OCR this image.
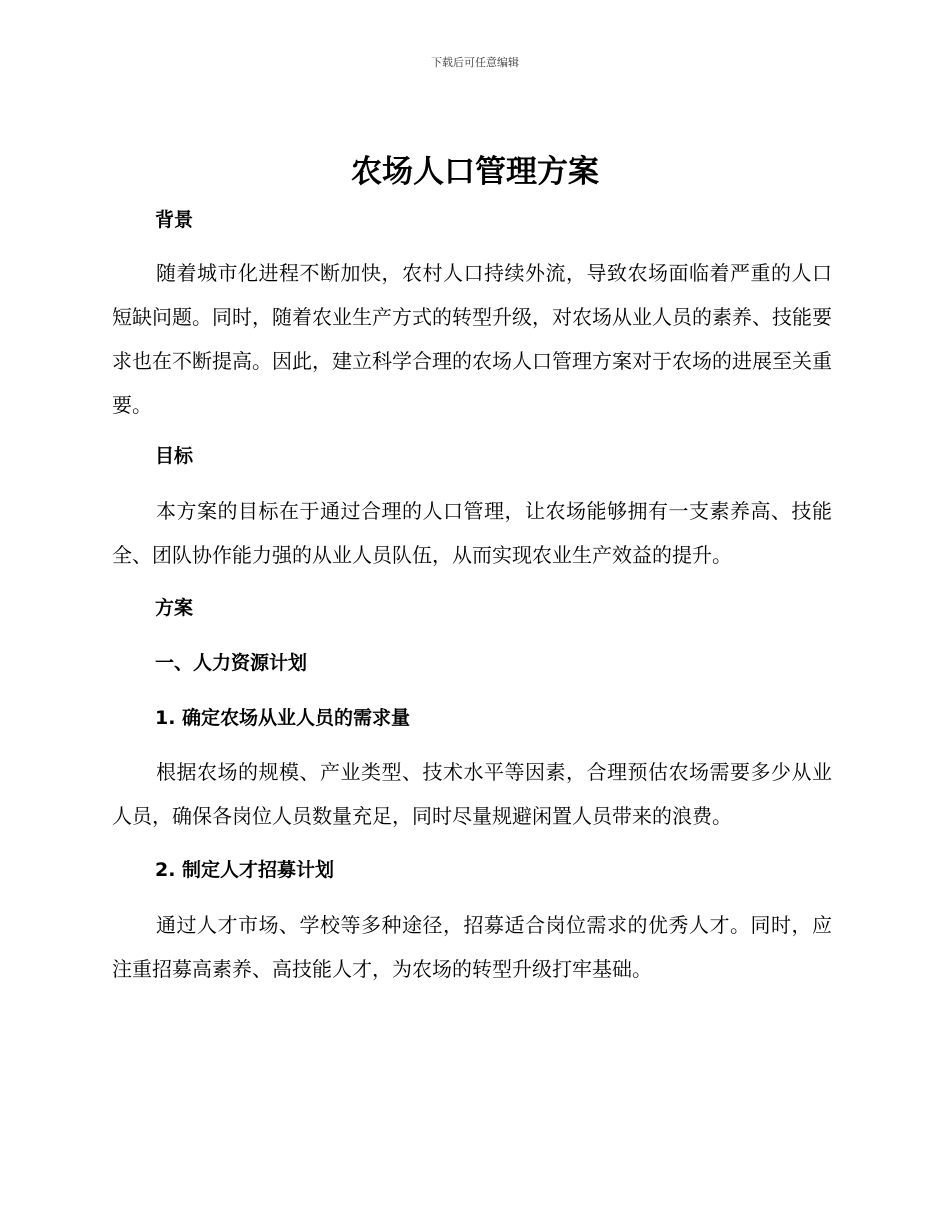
下载后可任意编辑
农场人口管理方案
背景

随着城市化进程不断加快，农村人口持续外流，导致农场面临着严重的人口短缺问题。同时，随着农业生产方式的转型升级，对农场从业人员的素养、技能要求也在不断提高。因此，建立科学合理的农场人口管理方案对于农场的进展至关重要。

目标

本方案的目标在于通过合理的人口管理，让农场能够拥有一支素养高、技能全、团队协作能力强的从业人员队伍，从而实现农业生产效益的提升。

方案
一、人力资源计划
1. 确定农场从业人员的需求量

根据农场的规模、产业类型、技术水平等因素，合理预估农场需要多少从业人员，确保各岗位人员数量充足，同时尽量规避闲置人员带来的浪费。

2. 制定人才招募计划

通过人才市场、学校等多种途径，招募适合岗位需求的优秀人才。同时，应注重招募高素养、高技能人才，为农场的转型升级打牢基础。
